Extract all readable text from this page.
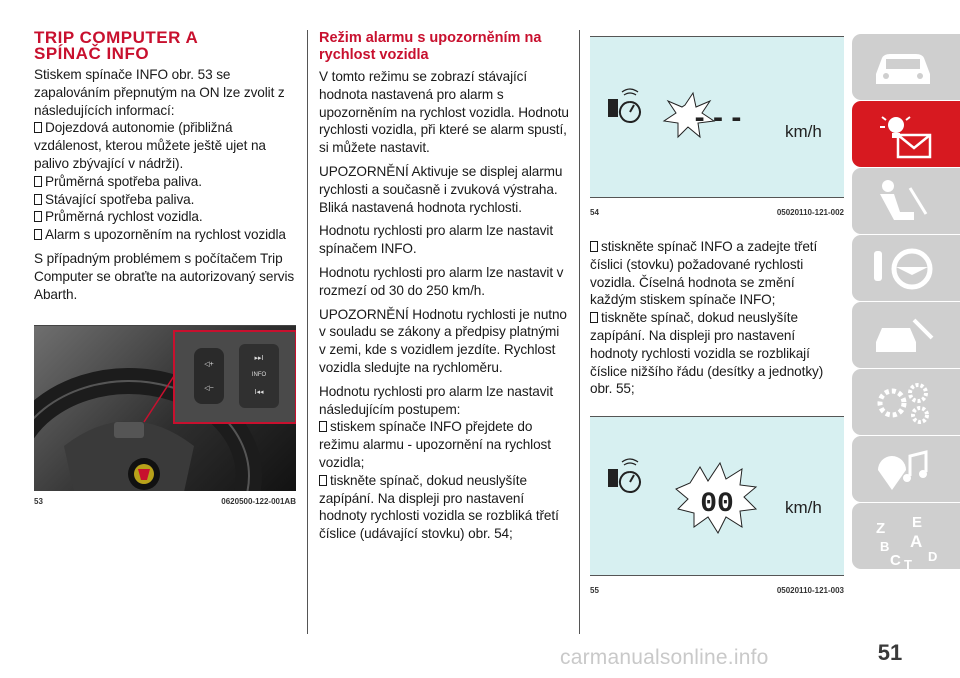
TRIP COMPUTER A
SPÍNAČ INFO
Stiskem spínače INFO obr. 53 se zapalováním přepnutým na ON lze zvolit z následujících informací:
Dojezdová autonomie (přibližná vzdálenost, kterou můžete ještě ujet na palivo zbývající v nádrži).
Průměrná spotřeba paliva.
Stávající spotřeba paliva.
Průměrná rychlost vozidla.
Alarm s upozorněním na rychlost vozidla
S případným problémem s počítačem Trip Computer se obraťte na autorizovaný servis Abarth.
▸▸I
INFO
I◂◂
◁+
◁−
53	0620500-122-001AB
Režim alarmu s upozorněním na rychlost vozidla
V tomto režimu se zobrazí stávající hodnota nastavená pro alarm s upozorněním na rychlost vozidla. Hodnotu rychlosti vozidla, při které se alarm spustí, si můžete nastavit.
UPOZORNĚNÍ Aktivuje se displej alarmu rychlosti a současně i zvuková výstraha. Bliká nastavená hodnota rychlosti.
Hodnotu rychlosti pro alarm lze nastavit spínačem INFO.
Hodnotu rychlosti pro alarm lze nastavit v rozmezí od 30 do 250 km/h.
UPOZORNĚNÍ Hodnotu rychlosti je nutno v souladu se zákony a předpisy platnými v zemi, kde s vozidlem jezdíte. Rychlost vozidla sledujte na rychloměru.
Hodnotu rychlosti pro alarm lze nastavit následujícím postupem:
stiskem spínače INFO přejdete do režimu alarmu - upozornění na rychlost vozidla;
tiskněte spínač, dokud neuslyšíte zapípání. Na displeji pro nastavení hodnoty rychlosti vozidla se rozbliká třetí číslice (udávající stovku) obr. 54;
- - -	km/h
54	05020110-121-002
stiskněte spínač INFO a zadejte třetí číslici (stovku) požadované rychlosti vozidla. Číselná hodnota se změní každým stiskem spínače INFO;
tiskněte spínač, dokud neuslyšíte zapípání. Na displeji pro nastavení hodnoty rychlosti vozidla se rozblikají číslice nižšího řádu (desítky a jednotky) obr. 55;
00	km/h
55	05020110-121-003
Z E
A
B
D
C T
51
carmanualsonline.info
